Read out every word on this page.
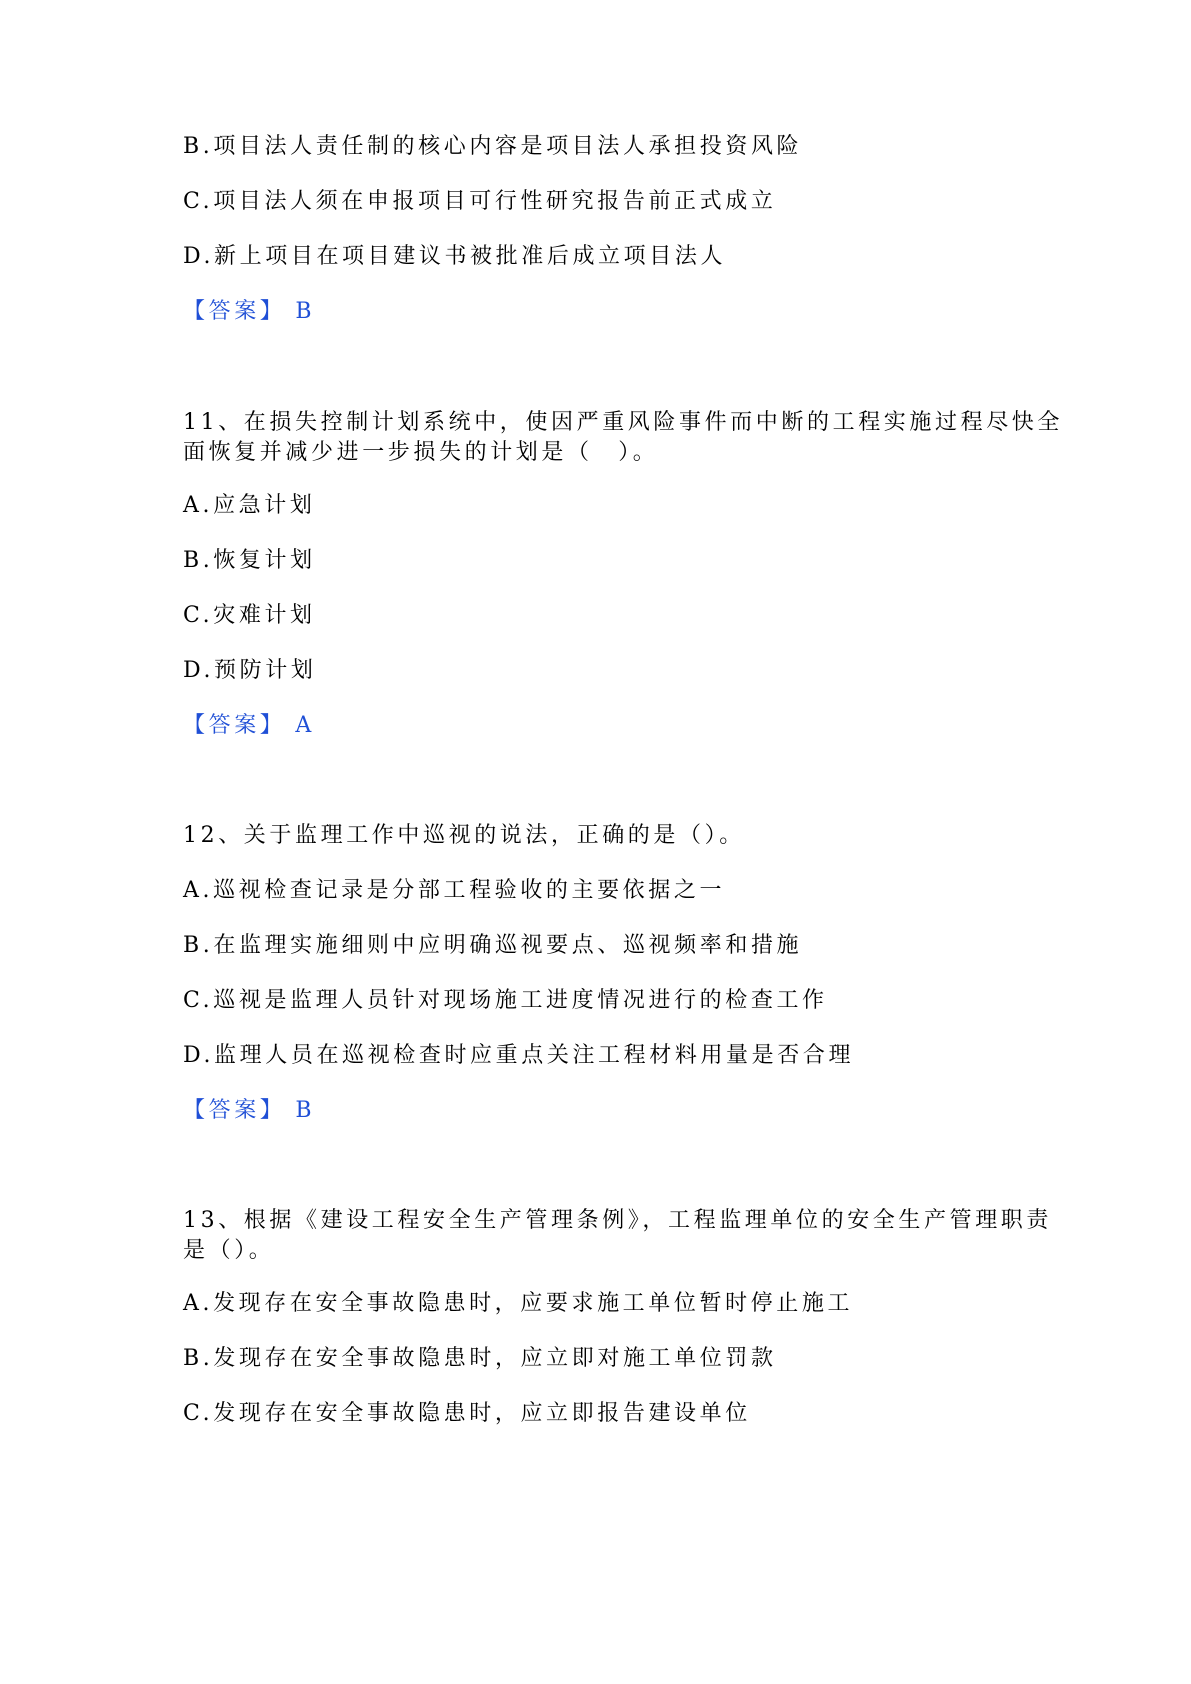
B.项目法人责任制的核心内容是项目法人承担投资风险
C.项目法人须在申报项目可行性研究报告前正式成立
D.新上项目在项目建议书被批准后成立项目法人
【答案】 B
11、在损失控制计划系统中，使因严重风险事件而中断的工程实施过程尽快全
面恢复并减少进一步损失的计划是（　）。
A.应急计划
B.恢复计划
C.灾难计划
D.预防计划
【答案】 A
12、关于监理工作中巡视的说法，正确的是（）。
A.巡视检查记录是分部工程验收的主要依据之一
B.在监理实施细则中应明确巡视要点、巡视频率和措施
C.巡视是监理人员针对现场施工进度情况进行的检查工作
D.监理人员在巡视检查时应重点关注工程材料用量是否合理
【答案】 B
13、根据《建设工程安全生产管理条例》，工程监理单位的安全生产管理职责
是（）。
A.发现存在安全事故隐患时，应要求施工单位暂时停止施工
B.发现存在安全事故隐患时，应立即对施工单位罚款
C.发现存在安全事故隐患时，应立即报告建设单位
